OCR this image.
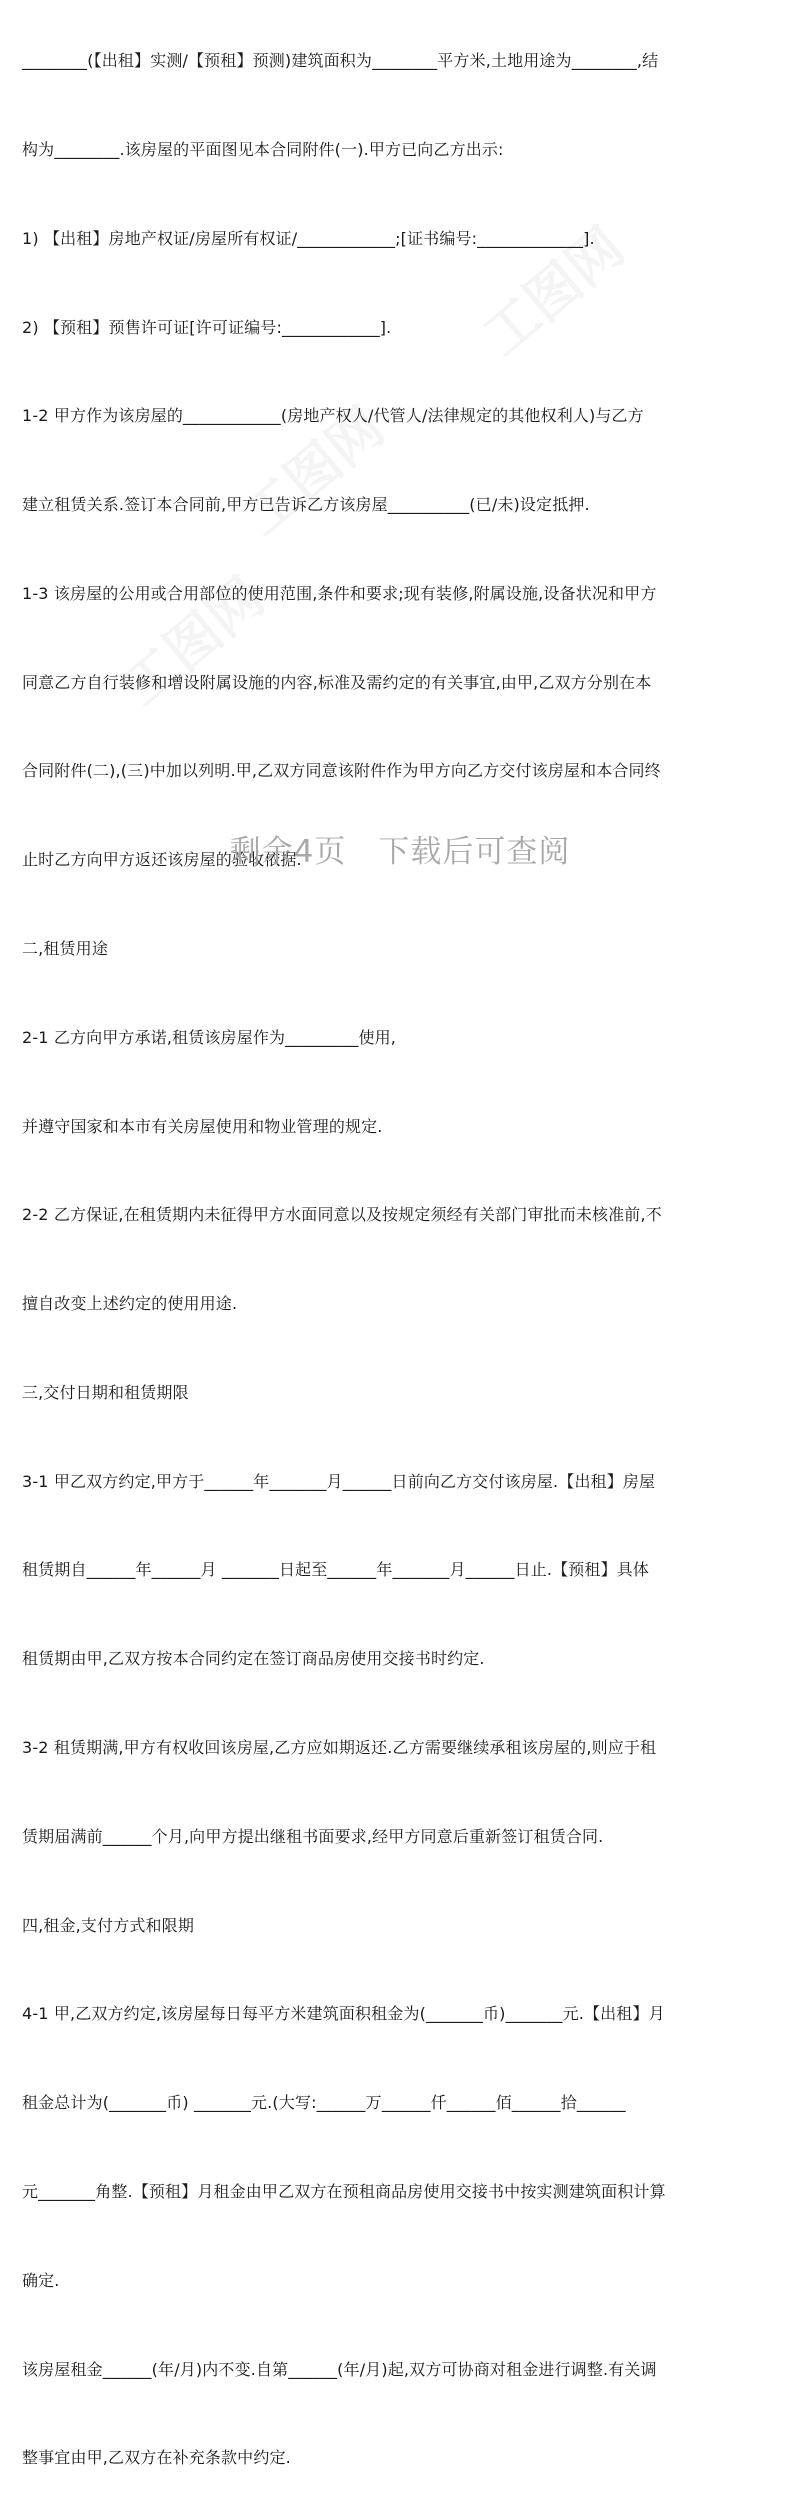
________(【出租】实测/【预租】预测)建筑面积为________平方米,土地用途为________,结

构为________.该房屋的平面图见本合同附件(一).甲方已向乙方出示:

1) 【出租】房地产权证/房屋所有权证/____________;[证书编号:_____________].

2) 【预租】预售许可证[许可证编号:____________].

1-2 甲方作为该房屋的____________(房地产权人/代管人/法律规定的其他权利人)与乙方

建立租赁关系.签订本合同前,甲方已告诉乙方该房屋__________(已/未)设定抵押.

1-3 该房屋的公用或合用部位的使用范围,条件和要求;现有装修,附属设施,设备状况和甲方

同意乙方自行装修和增设附属设施的内容,标准及需约定的有关事宜,由甲,乙双方分别在本

合同附件(二),(三)中加以列明.甲,乙双方同意该附件作为甲方向乙方交付该房屋和本合同终

止时乙方向甲方返还该房屋的验收依据.

二,租赁用途

2-1 乙方向甲方承诺,租赁该房屋作为_________使用,

并遵守国家和本市有关房屋使用和物业管理的规定.

2-2 乙方保证,在租赁期内未征得甲方水面同意以及按规定须经有关部门审批而未核准前,不

擅自改变上述约定的使用用途.

三,交付日期和租赁期限

3-1 甲乙双方约定,甲方于______年_______月______日前向乙方交付该房屋.【出租】房屋

租赁期自______年______月 _______日起至______年_______月______日止.【预租】具体

租赁期由甲,乙双方按本合同约定在签订商品房使用交接书时约定.

3-2 租赁期满,甲方有权收回该房屋,乙方应如期返还.乙方需要继续承租该房屋的,则应于租

赁期届满前______个月,向甲方提出继租书面要求,经甲方同意后重新签订租赁合同.

四,租金,支付方式和限期

4-1 甲,乙双方约定,该房屋每日每平方米建筑面积租金为(_______币)_______元.【出租】月

租金总计为(_______币) _______元.(大写:______万______仟______佰______拾______

元_______角整.【预租】月租金由甲乙双方在预租商品房使用交接书中按实测建筑面积计算

确定.

该房屋租金______(年/月)内不变.自第______(年/月)起,双方可协商对租金进行调整.有关调

整事宜由甲,乙双方在补充条款中约定.

剩余4页　下载后可查阅
